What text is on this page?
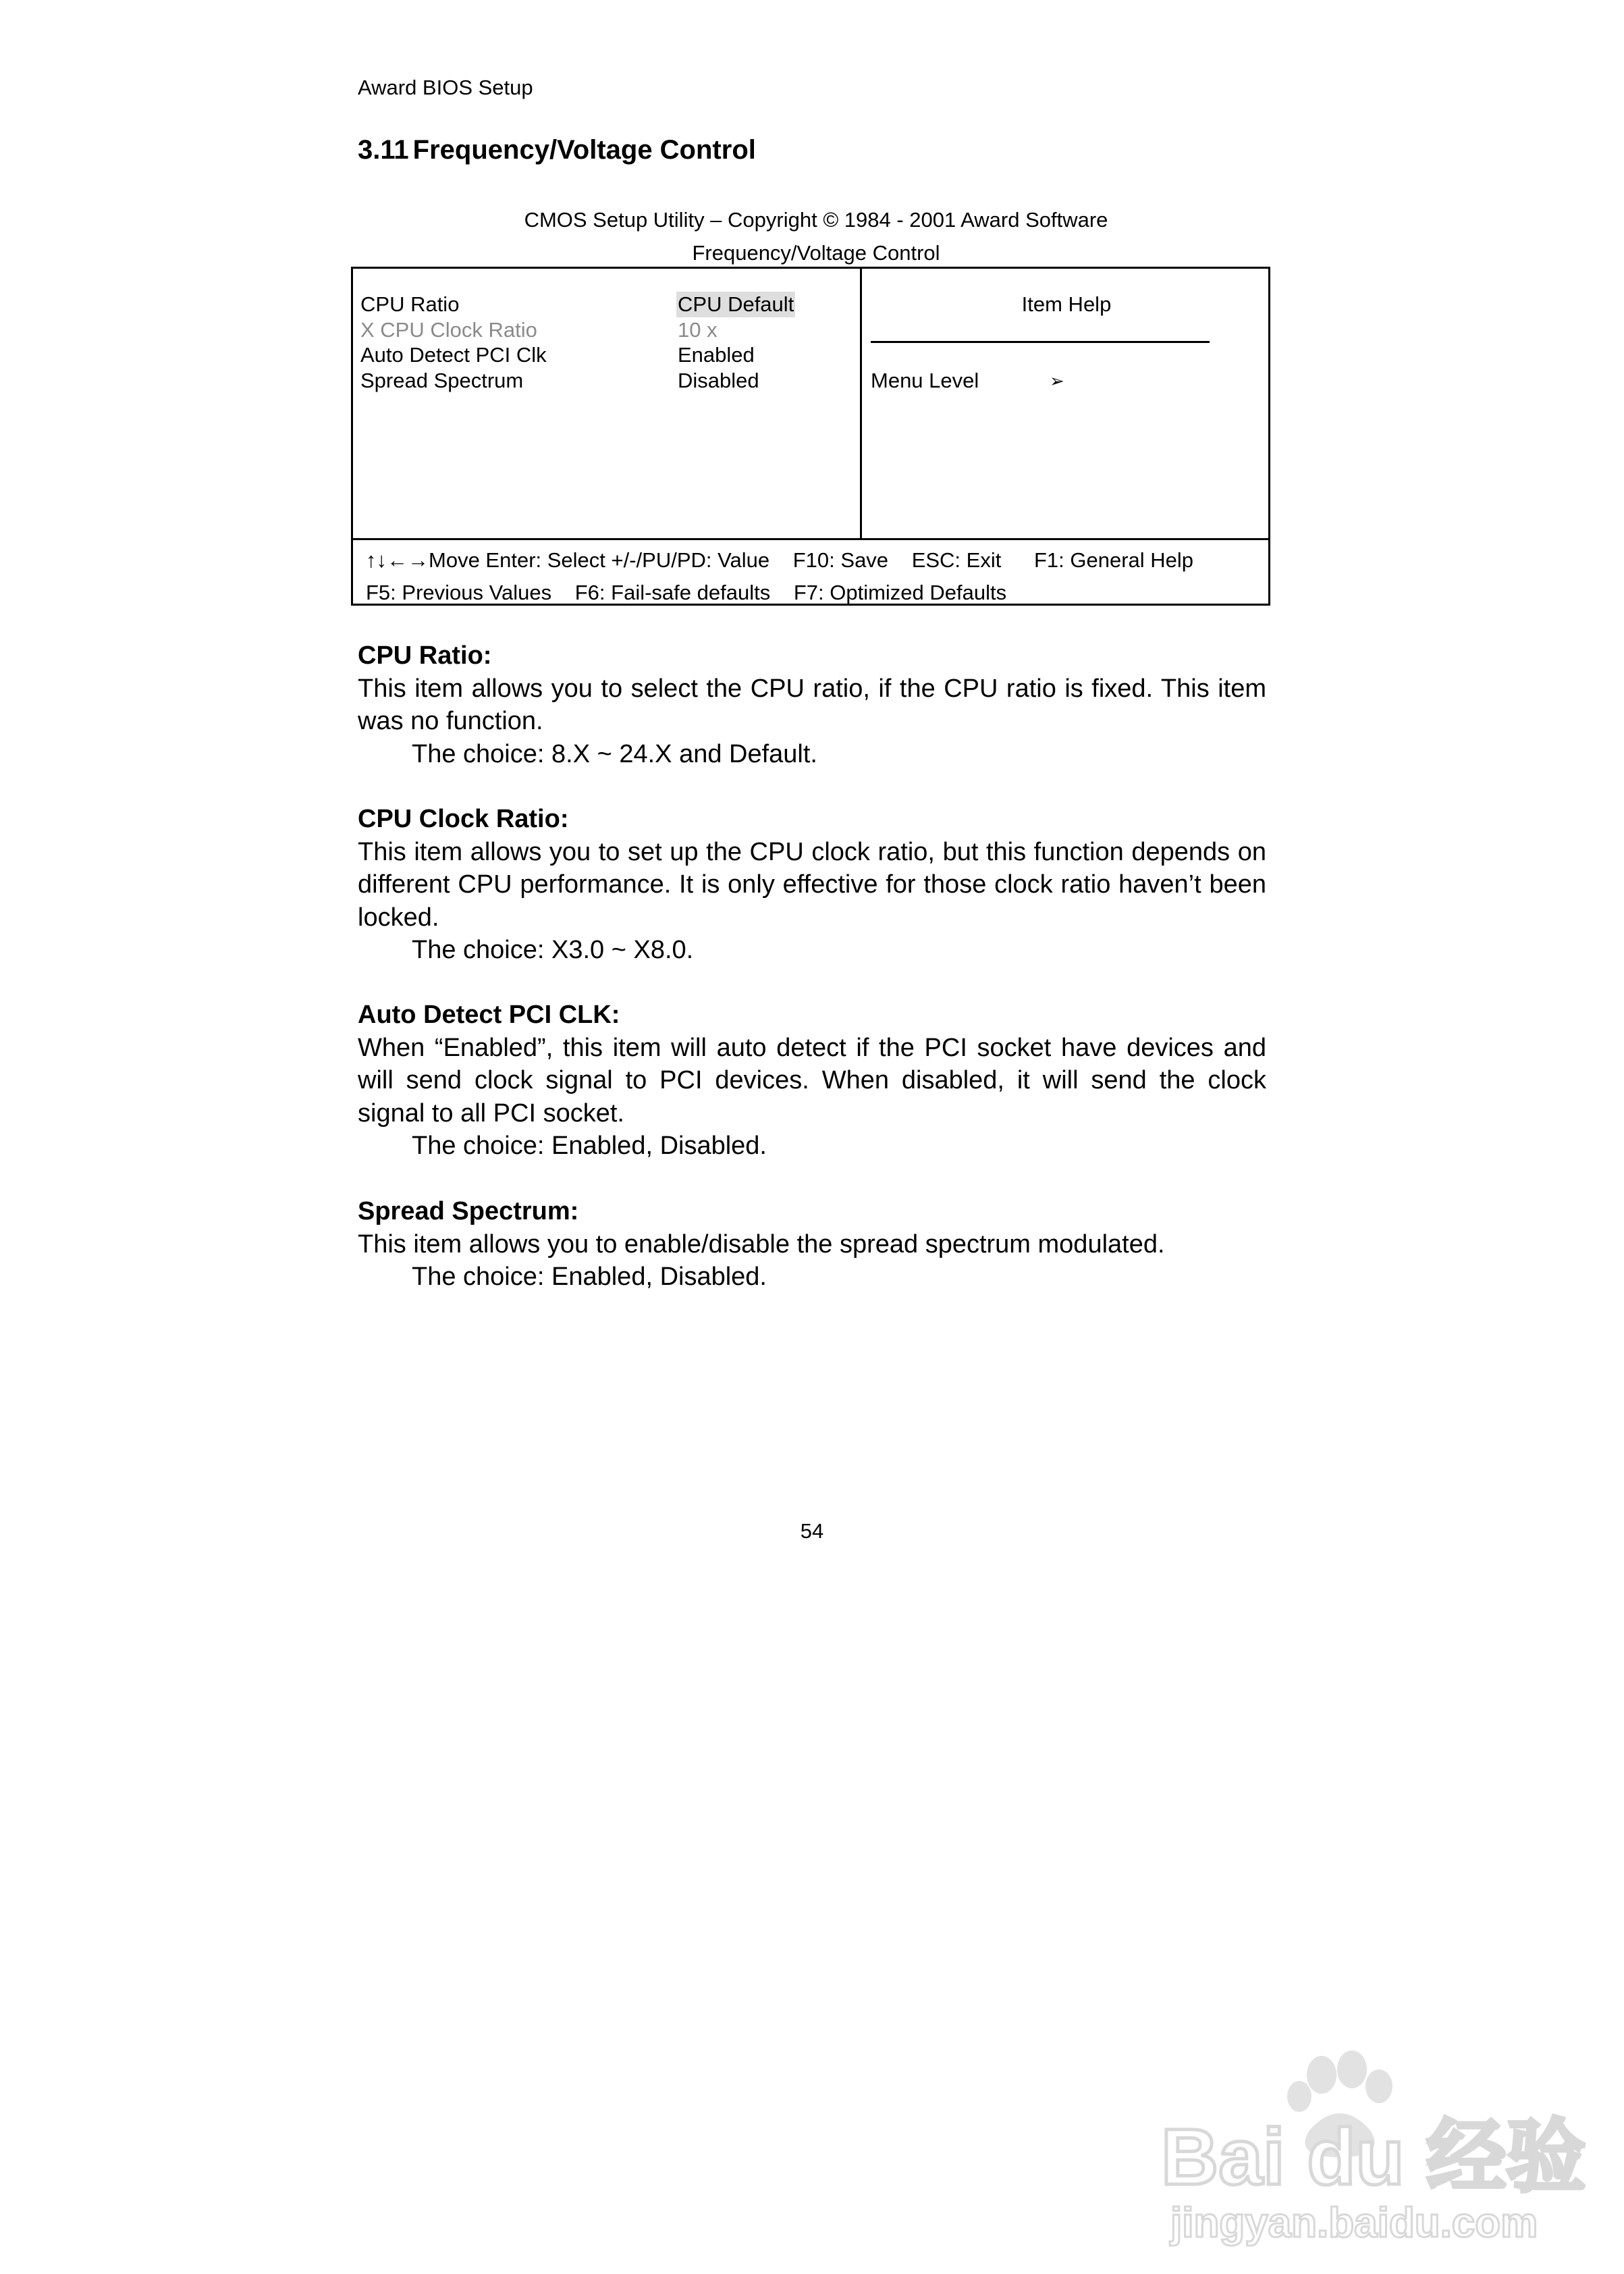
Award BIOS Setup
3.11 Frequency/Voltage Control
CMOS Setup Utility – Copyright © 1984 - 2001 Award Software
Frequency/Voltage Control
CPU Ratio	CPU Default
X CPU Clock Ratio	10 x
Auto Detect PCI Clk	Enabled
Spread Spectrum	Disabled
Item Help
Menu Level	➢
↑↓←→Move Enter: Select +/-/PU/PD: Value F10: Save ESC: Exit F1: General Help
F5: Previous Values F6: Fail-safe defaults F7: Optimized Defaults
CPU Ratio:

This item allows you to select the CPU ratio, if the CPU ratio is fixed. This item was no function.

The choice: 8.X ~ 24.X and Default.

CPU Clock Ratio:

This item allows you to set up the CPU clock ratio, but this function depends on different CPU performance. It is only effective for those clock ratio haven’t been locked.

The choice: X3.0 ~ X8.0.

Auto Detect PCI CLK:

When “Enabled”, this item will auto detect if the PCI socket have devices and will send clock signal to PCI devices. When disabled, it will send the clock signal to all PCI socket.

The choice: Enabled, Disabled.

Spread Spectrum:

This item allows you to enable/disable the spread spectrum modulated.

The choice: Enabled, Disabled.

54
Bai du 经验
jingyan.baidu.com
